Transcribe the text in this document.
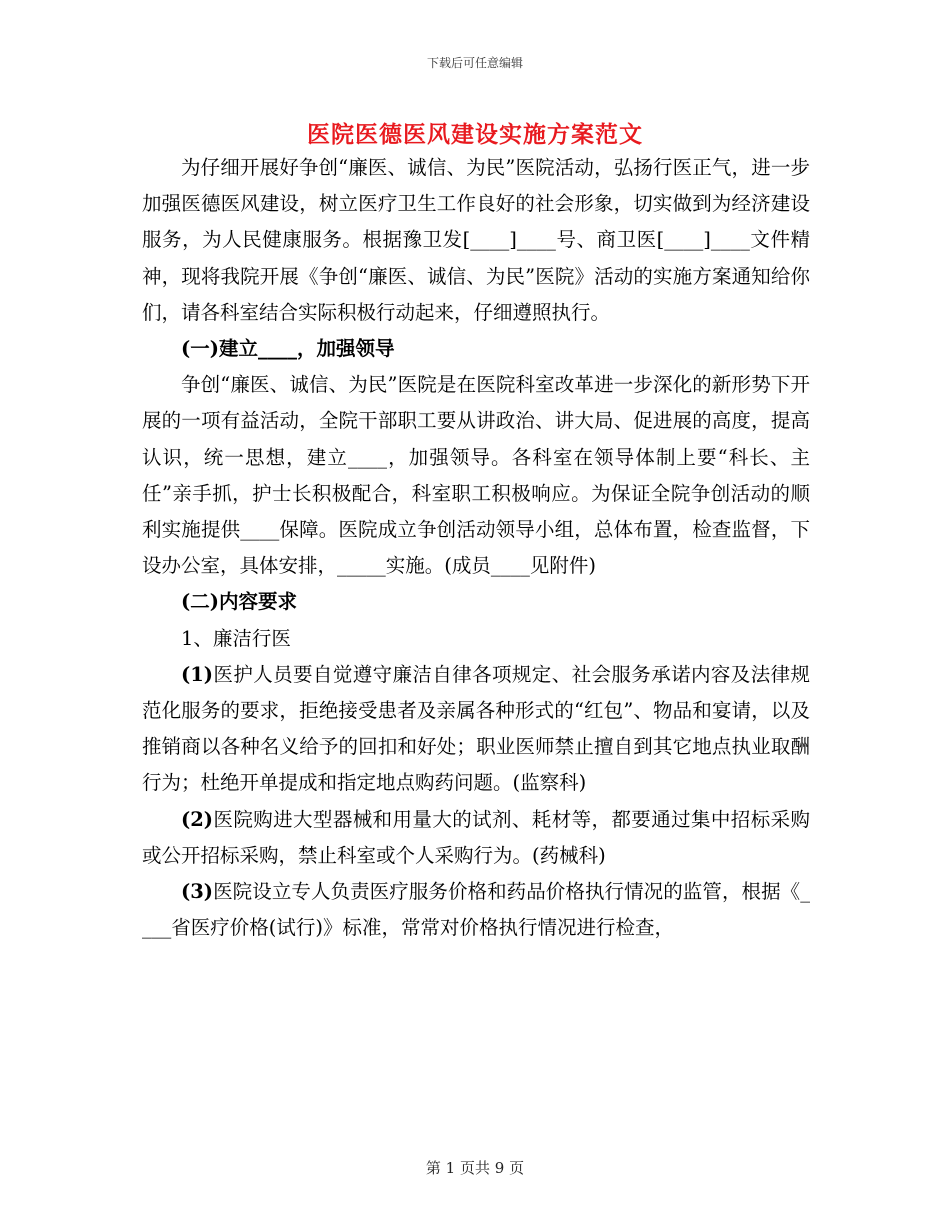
下载后可任意编辑
医院医德医风建设实施方案范文

为仔细开展好争创“廉医、诚信、为民”医院活动，弘扬行医正气，进一步加强医德医风建设，树立医疗卫生工作良好的社会形象，切实做到为经济建设服务，为人民健康服务。根据豫卫发[____]____号、商卫医[____]____文件精神，现将我院开展《争创“廉医、诚信、为民”医院》活动的实施方案通知给你们，请各科室结合实际积极行动起来，仔细遵照执行。

(一)建立____，加强领导

争创“廉医、诚信、为民”医院是在医院科室改革进一步深化的新形势下开展的一项有益活动，全院干部职工要从讲政治、讲大局、促进展的高度，提高认识，统一思想，建立____，加强领导。各科室在领导体制上要“科长、主任”亲手抓，护士长积极配合，科室职工积极响应。为保证全院争创活动的顺利实施提供____保障。医院成立争创活动领导小组，总体布置，检查监督，下设办公室，具体安排，_____实施。(成员____见附件)

(二)内容要求

1、廉洁行医

(1)医护人员要自觉遵守廉洁自律各项规定、社会服务承诺内容及法律规范化服务的要求，拒绝接受患者及亲属各种形式的“红包”、物品和宴请，以及推销商以各种名义给予的回扣和好处；职业医师禁止擅自到其它地点执业取酬行为；杜绝开单提成和指定地点购药问题。(监察科)

(2)医院购进大型器械和用量大的试剂、耗材等，都要通过集中招标采购或公开招标采购，禁止科室或个人采购行为。(药械科)

(3)医院设立专人负责医疗服务价格和药品价格执行情况的监管，根据《____省医疗价格(试行)》标准，常常对价格执行情况进行检查，

第 1 页共 9 页
